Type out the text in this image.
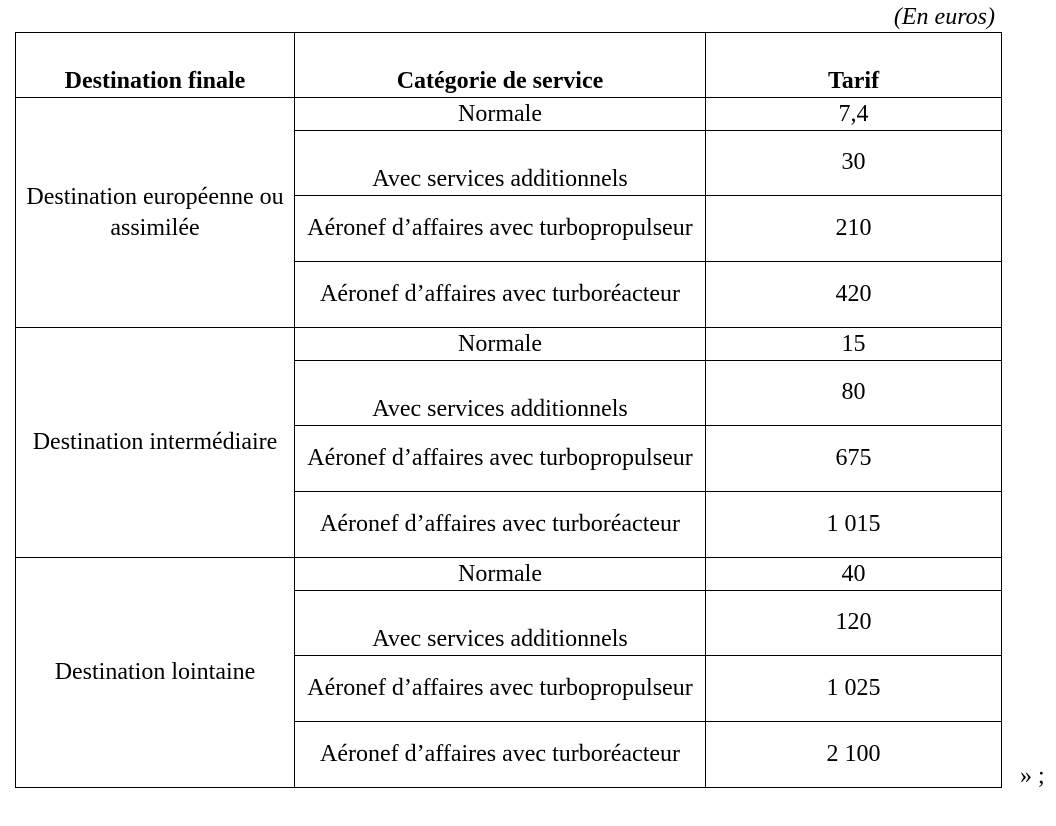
(En euros)
Destination finale	Catégorie de service	Tarif

Destination européenne ou assimilée	Normale	7,4

	Avec services additionnels	30
	Aéronef d’affaires avec turbopropulseur	210
	Aéronef d’affaires avec turboréacteur	420
Destination intermédiaire	Normale	15

	Avec services additionnels	80
	Aéronef d’affaires avec turbopropulseur	675
	Aéronef d’affaires avec turboréacteur	1 015
Destination lointaine	Normale	40

	Avec services additionnels	120
	Aéronef d’affaires avec turbopropulseur	1 025
	Aéronef d’affaires avec turboréacteur	2 100
» ;
